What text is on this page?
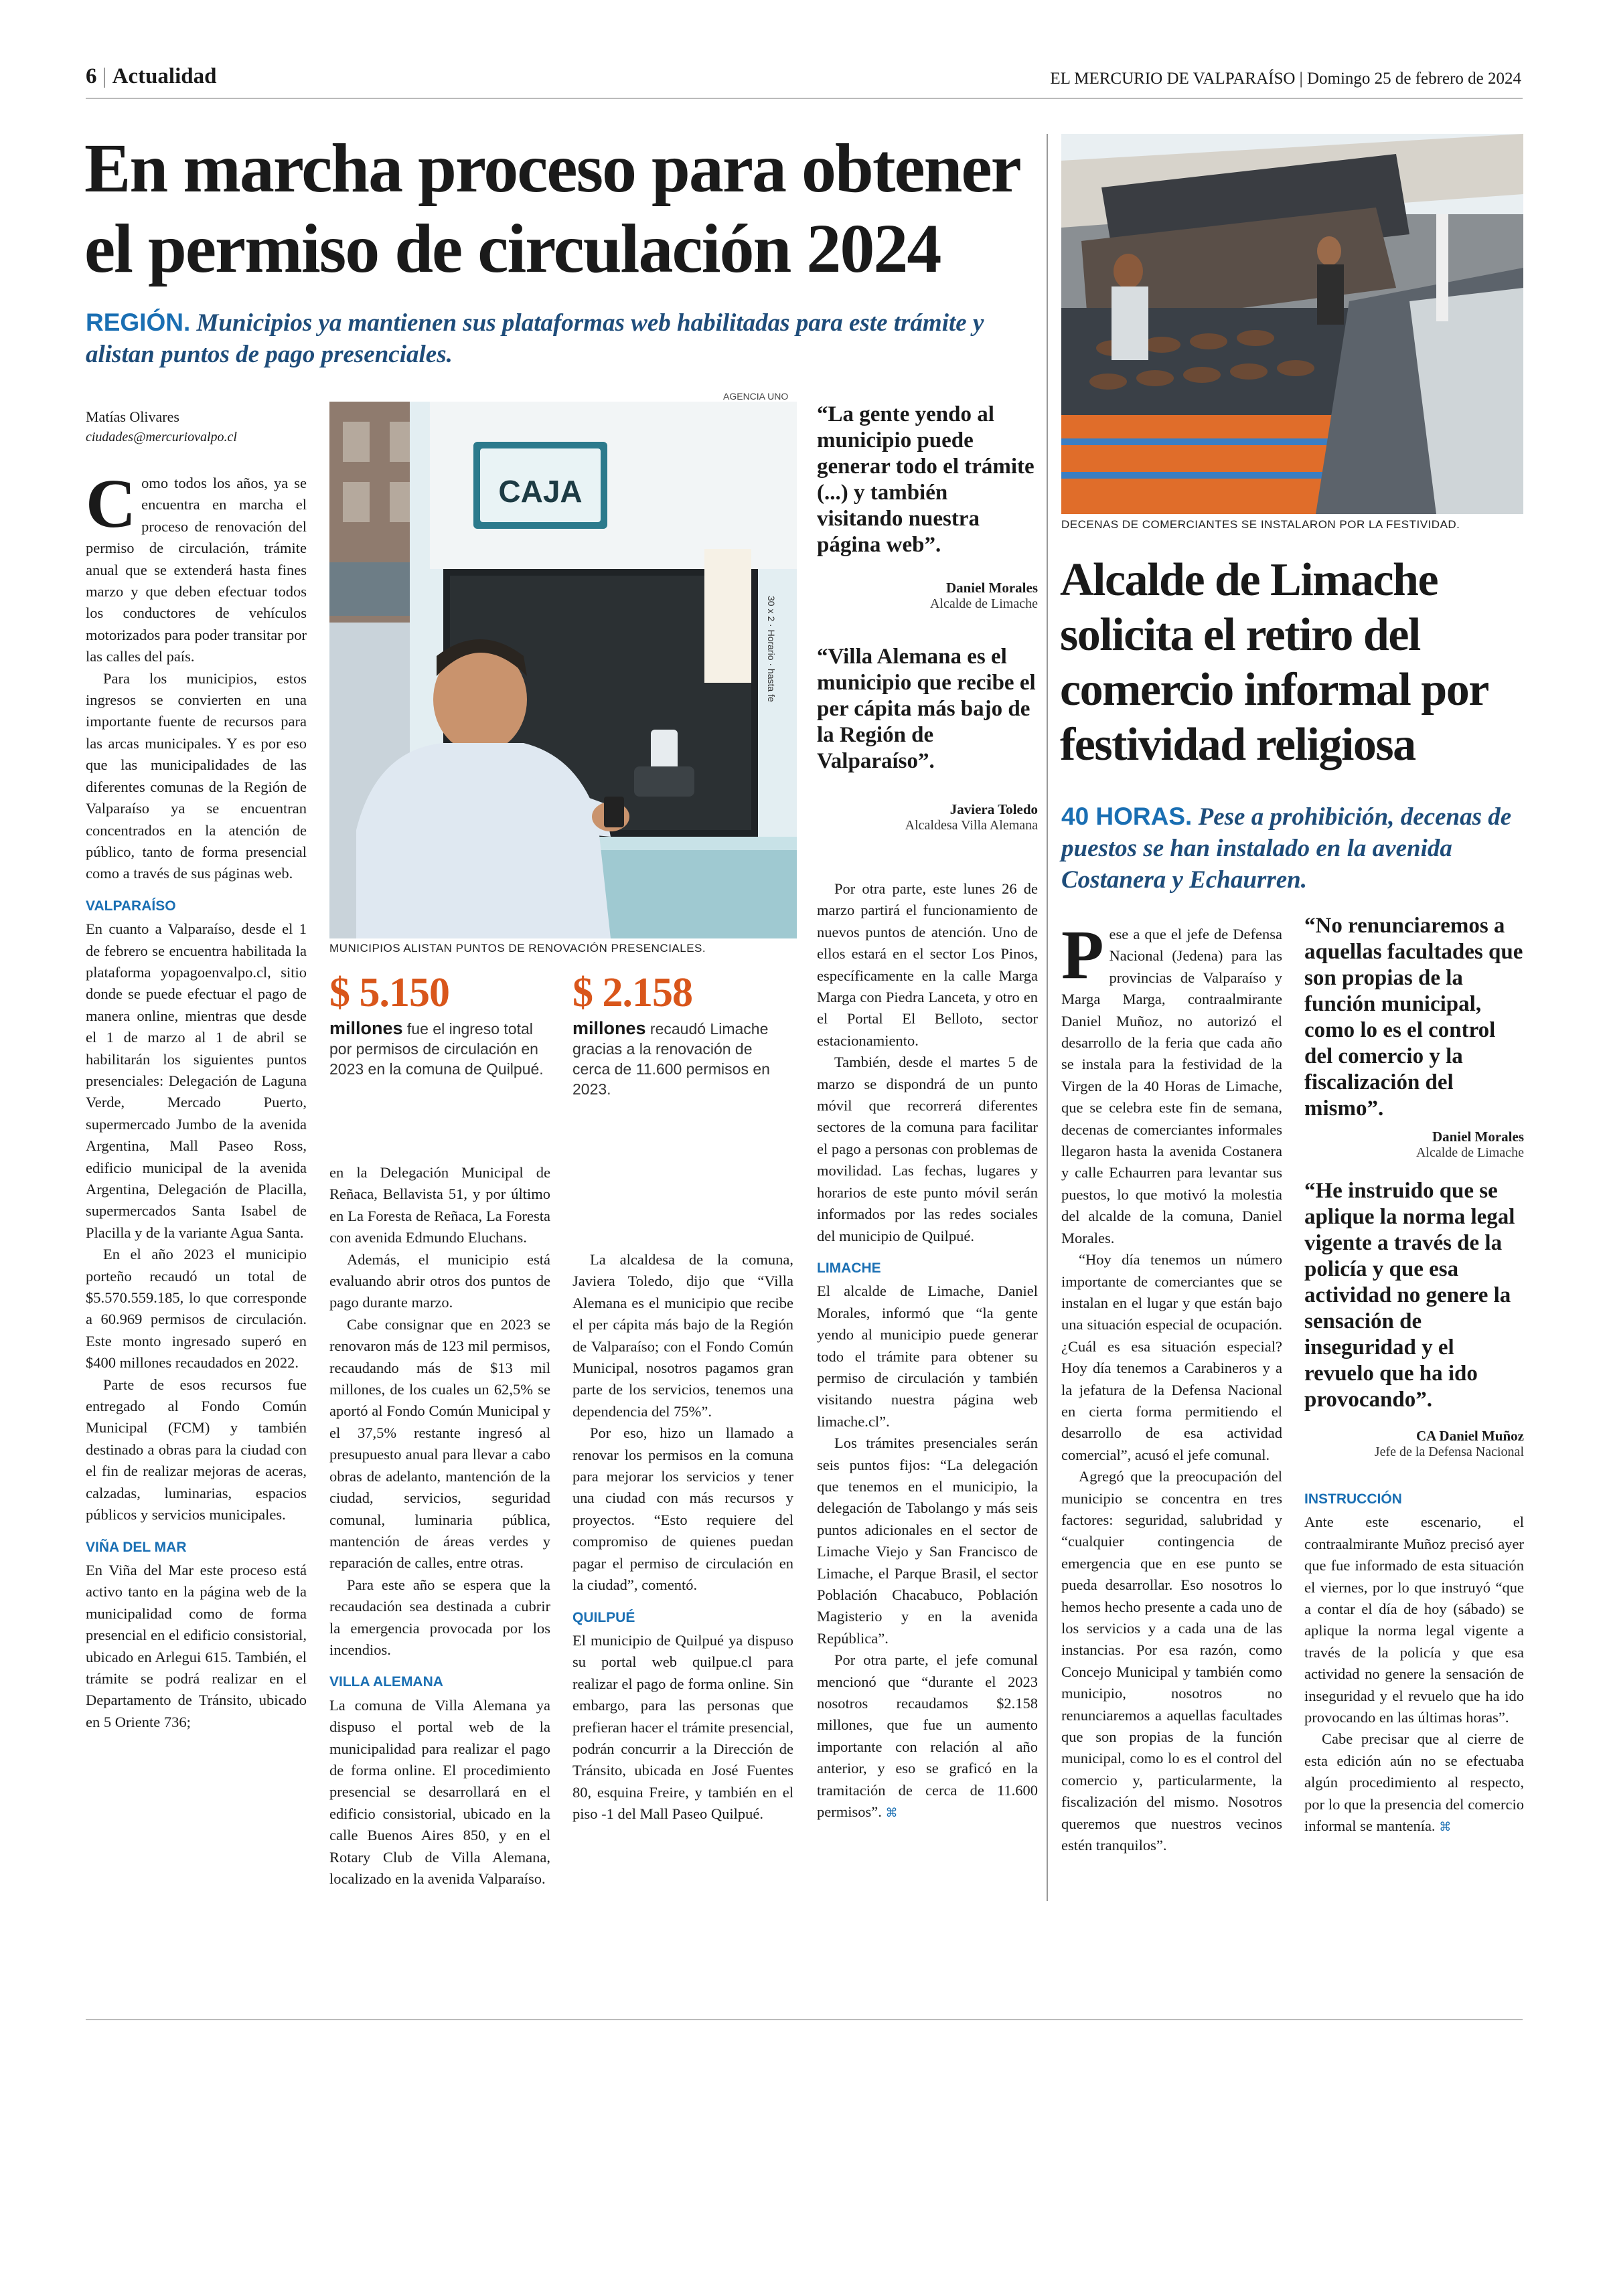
6 | Actualidad	EL MERCURIO DE VALPARAÍSO | Domingo 25 de febrero de 2024
En marcha proceso para obtener el permiso de circulación 2024
REGIÓN. Municipios ya mantienen sus plataformas web habilitadas para este trámite y alistan puntos de pago presenciales.
Matías Olivares
ciudades@mercuriovalpo.cl
CAJA
30 x 2 · Horario · hasta fe
AGENCIA UNO
MUNICIPIOS ALISTAN PUNTOS DE RENOVACIÓN PRESENCIALES.
$ 5.150
millones fue el ingreso total por permisos de circulación en 2023 en la comuna de Quilpué.
$ 2.158
millones recaudó Limache gracias a la renovación de cerca de 11.600 permisos en 2023.
“La gente yendo al municipio puede generar todo el trámite (...) y también visitando nuestra página web”.
Daniel Morales
Alcalde de Limache
“Villa Alemana es el municipio que recibe el per cápita más bajo de la Región de Valparaíso”.
Javiera Toledo
Alcaldesa Villa Alemana

Como todos los años, ya se encuentra en marcha el proceso de renovación del permiso de circulación, trámite anual que se extenderá hasta fines marzo y que deben efectuar todos los conductores de vehículos motorizados para poder transitar por las calles del país.

Para los municipios, estos ingresos se convierten en una importante fuente de recursos para las arcas municipales. Y es por eso que las municipalidades de las diferentes comunas de la Región de Valparaíso ya se encuentran concentrados en la atención de público, tanto de forma presencial como a través de sus páginas web.

VALPARAÍSO

En cuanto a Valparaíso, desde el 1 de febrero se encuentra habilitada la plataforma yopagoenvalpo.cl, sitio donde se puede efectuar el pago de manera online, mientras que desde el 1 de marzo al 1 de abril se habilitarán los siguientes puntos presenciales: Delegación de Laguna Verde, Mercado Puerto, supermercado Jumbo de la avenida Argentina, Mall Paseo Ross, edificio municipal de la avenida Argentina, Delegación de Placilla, supermercados Santa Isabel de Placilla y de la variante Agua Santa.

En el año 2023 el municipio porteño recaudó un total de $5.570.559.185, lo que corresponde a 60.969 permisos de circulación. Este monto ingresado superó en $400 millones recaudados en 2022.

Parte de esos recursos fue entregado al Fondo Común Municipal (FCM) y también destinado a obras para la ciudad con el fin de realizar mejoras de aceras, calzadas, luminarias, espacios públicos y servicios municipales.

VIÑA DEL MAR

En Viña del Mar este proceso está activo tanto en la página web de la municipalidad como de forma presencial en el edificio consistorial, ubicado en Arlegui 615. También, el trámite se podrá realizar en el Departamento de Tránsito, ubicado en 5 Oriente 736;

en la Delegación Municipal de Reñaca, Bellavista 51, y por último en La Foresta de Reñaca, La Foresta con avenida Edmundo Eluchans.

Además, el municipio está evaluando abrir otros dos puntos de pago durante marzo.

Cabe consignar que en 2023 se renovaron más de 123 mil permisos, recaudando más de $13 mil millones, de los cuales un 62,5% se aportó al Fondo Común Municipal y el 37,5% restante ingresó al presupuesto anual para llevar a cabo obras de adelanto, mantención de la ciudad, servicios, seguridad comunal, luminaria pública, mantención de áreas verdes y reparación de calles, entre otras.

Para este año se espera que la recaudación sea destinada a cubrir la emergencia provocada por los incendios.

VILLA ALEMANA

La comuna de Villa Alemana ya dispuso el portal web de la municipalidad para realizar el pago de forma online. El procedimiento presencial se desarrollará en el edificio consistorial, ubicado en la calle Buenos Aires 850, y en el Rotary Club de Villa Alemana, localizado en la avenida Valparaíso.

La alcaldesa de la comuna, Javiera Toledo, dijo que “Villa Alemana es el municipio que recibe el per cápita más bajo de la Región de Valparaíso; con el Fondo Común Municipal, nosotros pagamos gran parte de los servicios, tenemos una dependencia del 75%”.

Por eso, hizo un llamado a renovar los permisos en la comuna para mejorar los servicios y tener una ciudad con más recursos y proyectos. “Esto requiere del compromiso de quienes puedan pagar el permiso de circulación en la ciudad”, comentó.

QUILPUÉ

El municipio de Quilpué ya dispuso su portal web quilpue.cl para realizar el pago de forma online. Sin embargo, para las personas que prefieran hacer el trámite presencial, podrán concurrir a la Dirección de Tránsito, ubicada en José Fuentes 80, esquina Freire, y también en el piso -1 del Mall Paseo Quilpué.

Por otra parte, este lunes 26 de marzo partirá el funcionamiento de nuevos puntos de atención. Uno de ellos estará en el sector Los Pinos, específicamente en la calle Marga Marga con Piedra Lanceta, y otro en el Portal El Belloto, sector estacionamiento.

También, desde el martes 5 de marzo se dispondrá de un punto móvil que recorrerá diferentes sectores de la comuna para facilitar el pago a personas con problemas de movilidad. Las fechas, lugares y horarios de este punto móvil serán informados por las redes sociales del municipio de Quilpué.

LIMACHE

El alcalde de Limache, Daniel Morales, informó que “la gente yendo al municipio puede generar todo el trámite para obtener su permiso de circulación y también visitando nuestra página web limache.cl”.

Los trámites presenciales serán seis puntos fijos: “La delegación que tenemos en el municipio, la delegación de Tabolango y más seis puntos adicionales en el sector de Limache Viejo y San Francisco de Limache, el Parque Brasil, el sector Población Chacabuco, Población Magisterio y en la avenida República”.

Por otra parte, el jefe comunal mencionó que “durante el 2023 nosotros recaudamos $2.158 millones, que fue un aumento importante con relación al año anterior, y eso se graficó en la tramitación de cerca de 11.600 permisos”. ⌘

DECENAS DE COMERCIANTES SE INSTALARON POR LA FESTIVIDAD.
Alcalde de Limache solicita el retiro del comercio informal por festividad religiosa
40 HORAS. Pese a prohibición, decenas de puestos se han instalado en la avenida Costanera y Echaurren.

Pese a que el jefe de Defensa Nacional (Jedena) para las provincias de Valparaíso y Marga Marga, contraalmirante Daniel Muñoz, no autorizó el desarrollo de la feria que cada año se instala para la festividad de la Virgen de la 40 Horas de Limache, que se celebra este fin de semana, decenas de comerciantes informales llegaron hasta la avenida Costanera y calle Echaurren para levantar sus puestos, lo que motivó la molestia del alcalde de la comuna, Daniel Morales.

“Hoy día tenemos un número importante de comerciantes que se instalan en el lugar y que están bajo una situación especial de ocupación. ¿Cuál es esa situación especial? Hoy día tenemos a Carabineros y a la jefatura de la Defensa Nacional en cierta forma permitiendo el desarrollo de esa actividad comercial”, acusó el jefe comunal.

Agregó que la preocupación del municipio se concentra en tres factores: seguridad, salubridad y “cualquier contingencia de emergencia que en ese punto se pueda desarrollar. Eso nosotros lo hemos hecho presente a cada uno de los servicios y a cada una de las instancias. Por esa razón, como Concejo Municipal y también como municipio, nosotros no renunciaremos a aquellas facultades que son propias de la función municipal, como lo es el control del comercio y, particularmente, la fiscalización del mismo. Nosotros queremos que nuestros vecinos estén tranquilos”.

“No renunciaremos a aquellas facultades que son propias de la función municipal, como lo es el control del comercio y la fiscalización del mismo”.
Daniel Morales
Alcalde de Limache
“He instruido que se aplique la norma legal vigente a través de la policía y que esa actividad no genere la sensación de inseguridad y el revuelo que ha ido provocando”.
CA Daniel Muñoz
Jefe de la Defensa Nacional
INSTRUCCIÓN

Ante este escenario, el contraalmirante Muñoz precisó ayer que fue informado de esta situación el viernes, por lo que instruyó “que a contar el día de hoy (sábado) se aplique la norma legal vigente a través de la policía y que esa actividad no genere la sensación de inseguridad y el revuelo que ha ido provocando en las últimas horas”.

Cabe precisar que al cierre de esta edición aún no se efectuaba algún procedimiento al respecto, por lo que la presencia del comercio informal se mantenía. ⌘
